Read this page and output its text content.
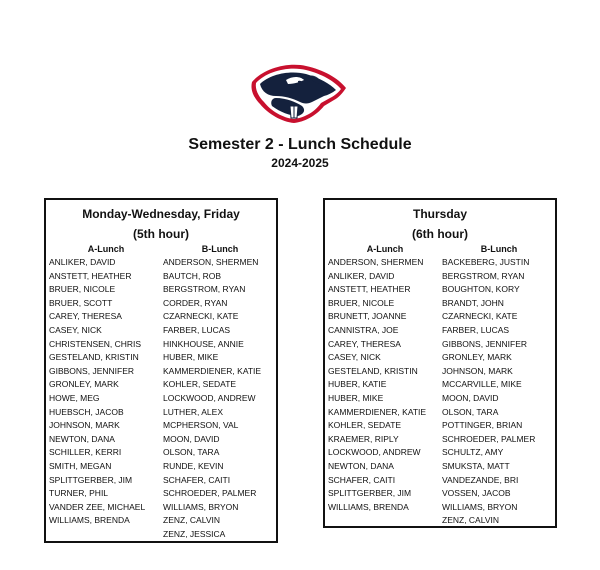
Semester 2 - Lunch Schedule
2024-2025
Monday-Wednesday, Friday
(5th hour)
A-Lunch	B-Lunch
ANLIKER, DAVID
ANSTETT, HEATHER
BRUER, NICOLE
BRUER, SCOTT
CAREY, THERESA
CASEY, NICK
CHRISTENSEN, CHRIS
GESTELAND, KRISTIN
GIBBONS, JENNIFER
GRONLEY, MARK
HOWE, MEG
HUEBSCH, JACOB
JOHNSON, MARK
NEWTON, DANA
SCHILLER, KERRI
SMITH, MEGAN
SPLITTGERBER, JIM
TURNER, PHIL
VANDER ZEE, MICHAEL
WILLIAMS, BRENDA
ANDERSON, SHERMEN
BAUTCH, ROB
BERGSTROM, RYAN
CORDER, RYAN
CZARNECKI, KATE
FARBER, LUCAS
HINKHOUSE, ANNIE
HUBER, MIKE
KAMMERDIENER, KATIE
KOHLER, SEDATE
LOCKWOOD, ANDREW
LUTHER, ALEX
MCPHERSON, VAL
MOON, DAVID
OLSON, TARA
RUNDE, KEVIN
SCHAFER, CAITI
SCHROEDER, PALMER
WILLIAMS, BRYON
ZENZ, CALVIN
ZENZ, JESSICA
Thursday
(6th hour)
A-Lunch	B-Lunch
ANDERSON, SHERMEN
ANLIKER, DAVID
ANSTETT, HEATHER
BRUER, NICOLE
BRUNETT, JOANNE
CANNISTRA, JOE
CAREY, THERESA
CASEY, NICK
GESTELAND, KRISTIN
HUBER, KATIE
HUBER, MIKE
KAMMERDIENER, KATIE
KOHLER, SEDATE
KRAEMER, RIPLY
LOCKWOOD, ANDREW
NEWTON, DANA
SCHAFER, CAITI
SPLITTGERBER, JIM
WILLIAMS, BRENDA
BACKEBERG, JUSTIN
BERGSTROM, RYAN
BOUGHTON, KORY
BRANDT, JOHN
CZARNECKI, KATE
FARBER, LUCAS
GIBBONS, JENNIFER
GRONLEY, MARK
JOHNSON, MARK
MCCARVILLE, MIKE
MOON, DAVID
OLSON, TARA
POTTINGER, BRIAN
SCHROEDER, PALMER
SCHULTZ, AMY
SMUKSTA, MATT
VANDEZANDE, BRI
VOSSEN, JACOB
WILLIAMS, BRYON
ZENZ, CALVIN
